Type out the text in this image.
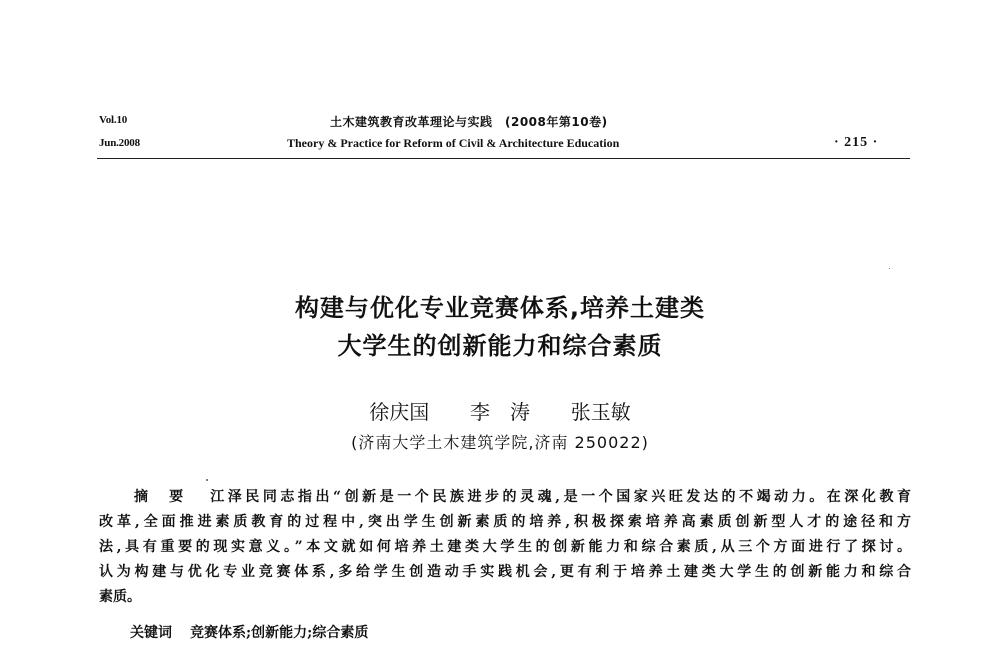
Vol.10
Jun.2008
土木建筑教育改革理论与实践　(2008年第10卷)
Theory & Practice for Reform of Civil & Architecture Education	· 215 ·
构建与优化专业竞赛体系,培养土建类
大学生的创新能力和综合素质
徐庆国 李　涛 张玉敏
(济南大学土木建筑学院,济南 250022)
摘　要 江泽民同志指出“创新是一个民族进步的灵魂,是一个国家兴旺发达的不竭动力。在深化教育
改革,全面推进素质教育的过程中,突出学生创新素质的培养,积极探索培养高素质创新型人才的途径和方
法,具有重要的现实意义。”本文就如何培养土建类大学生的创新能力和综合素质,从三个方面进行了探讨。
认为构建与优化专业竞赛体系,多给学生创造动手实践机会,更有利于培养土建类大学生的创新能力和综合
素质。
关键词 竞赛体系;创新能力;综合素质
